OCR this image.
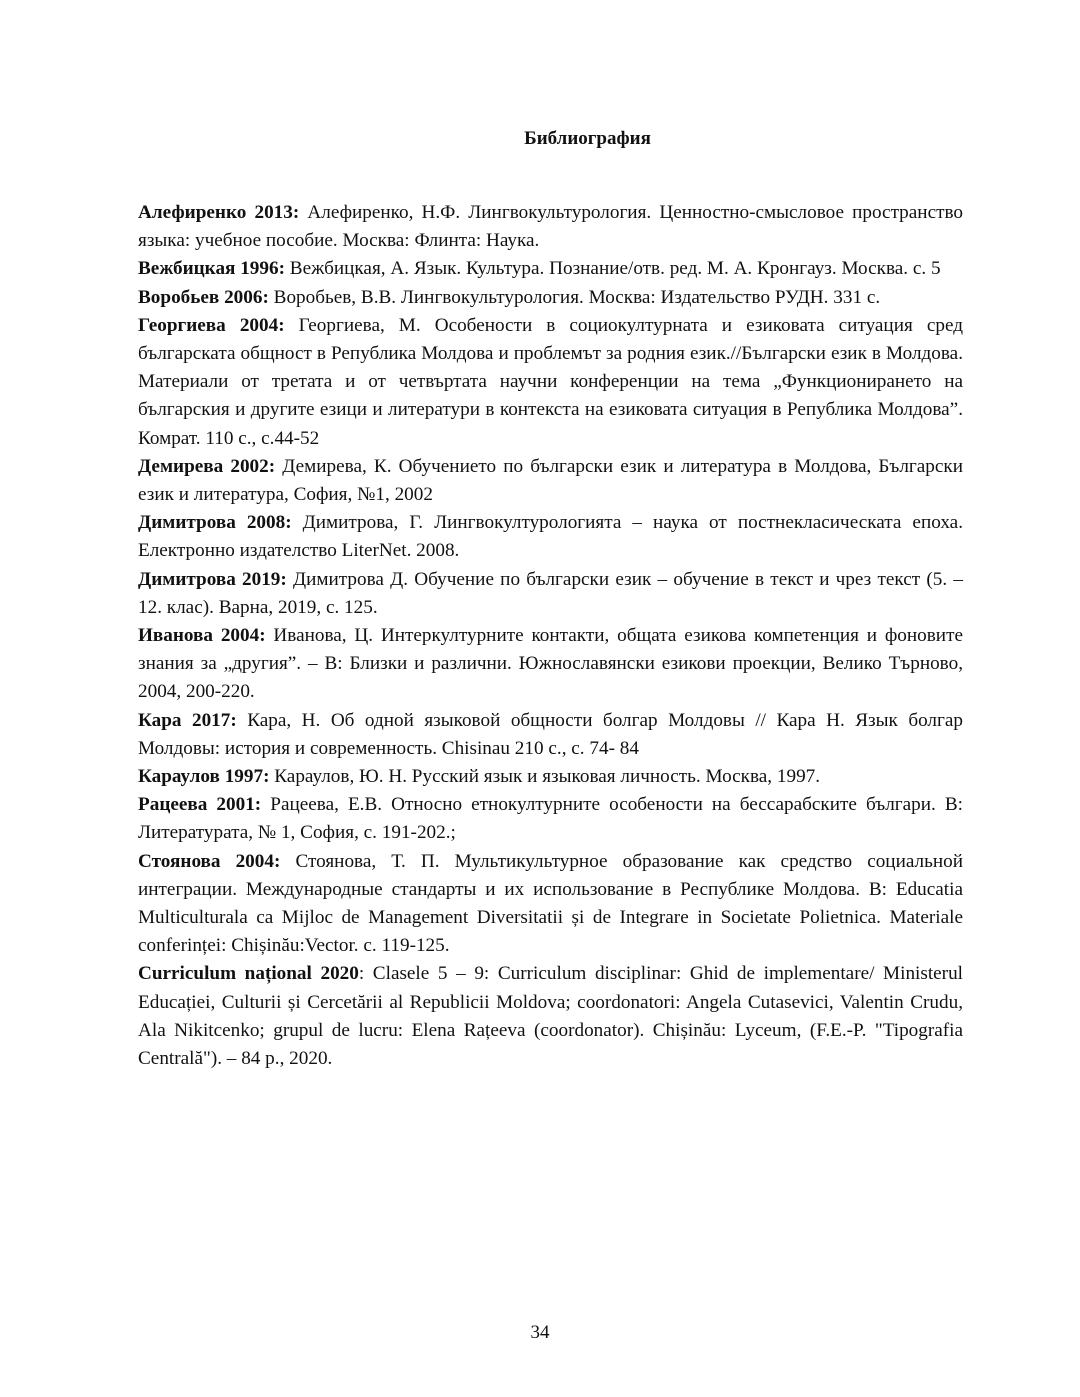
Библиография
Алефиренко 2013: Алефиренко, Н.Ф. Лингвокультурология. Ценностно-смысловое пространство языка: учебное пособие. Москва: Флинта: Наука.
Вежбицкая 1996: Вежбицкая, А. Язык. Культура. Познание/отв. ред. М. А. Кронгауз. Москва. с. 5
Воробьев 2006: Воробьев, В.В. Лингвокультурология. Москва: Издательство РУДН. 331 с.
Георгиева 2004: Георгиева, М. Особености в социокултурната и езиковата ситуация сред българската общност в Република Молдова и проблемът за родния език.//Български език в Молдова. Материали от третата и от четвъртата научни конференции на тема „Функционирането на българския и другите езици и литератури в контекста на езиковата ситуация в Република Молдова”. Комрат. 110 с., с.44-52
Демирева 2002: Демирева, К. Обучението по български език и литература в Молдова, Български език и литература, София, №1, 2002
Димитрова 2008: Димитрова, Г. Лингвокултурологията – наука от постнекласическата епоха. Електронно издателство LiterNet. 2008.
Димитрова 2019: Димитрова Д. Обучение по български език – обучение в текст и чрез текст (5. – 12. клас). Варна, 2019, с. 125.
Иванова 2004: Иванова, Ц. Интеркултурните контакти, общата езикова компетенция и фоновите знания за „другия”. – В: Близки и различни. Южнославянски езикови проекции, Велико Търново, 2004, 200-220.
Кара 2017: Кара, Н. Об одной языковой общности болгар Молдовы // Кара Н. Язык болгар Молдовы: история и современность. Chisinau 210 с., с. 74- 84
Караулов 1997: Караулов, Ю. Н. Русский язык и языковая личность. Москва, 1997.
Рацеева 2001: Рацеева, Е.В. Относно етнокултурните особености на бессарабските българи. В: Литературата, № 1, София, с. 191-202.;
Стоянова 2004: Стоянова, Т. П. Мультикультурное образование как средство социальной интеграции. Международные стандарты и их использование в Республике Молдова. В: Educatia Multiculturala ca Mijloc de Management Diversitatii și de Integrare in Societate Polietnica. Materiale conferinței: Chișinău:Vector. с. 119-125.
Curriculum național 2020: Clasele 5 – 9: Curriculum disciplinar: Ghid de implementare/ Ministerul Educației, Culturii și Cercetării al Republicii Moldova; coordonatori: Angela Cutasevici, Valentin Crudu, Ala Nikitcenko; grupul de lucru: Elena Rațeeva (coordonator). Chișinău: Lyceum, (F.E.-P. "Tipografia Centrală"). – 84 p., 2020.
34
